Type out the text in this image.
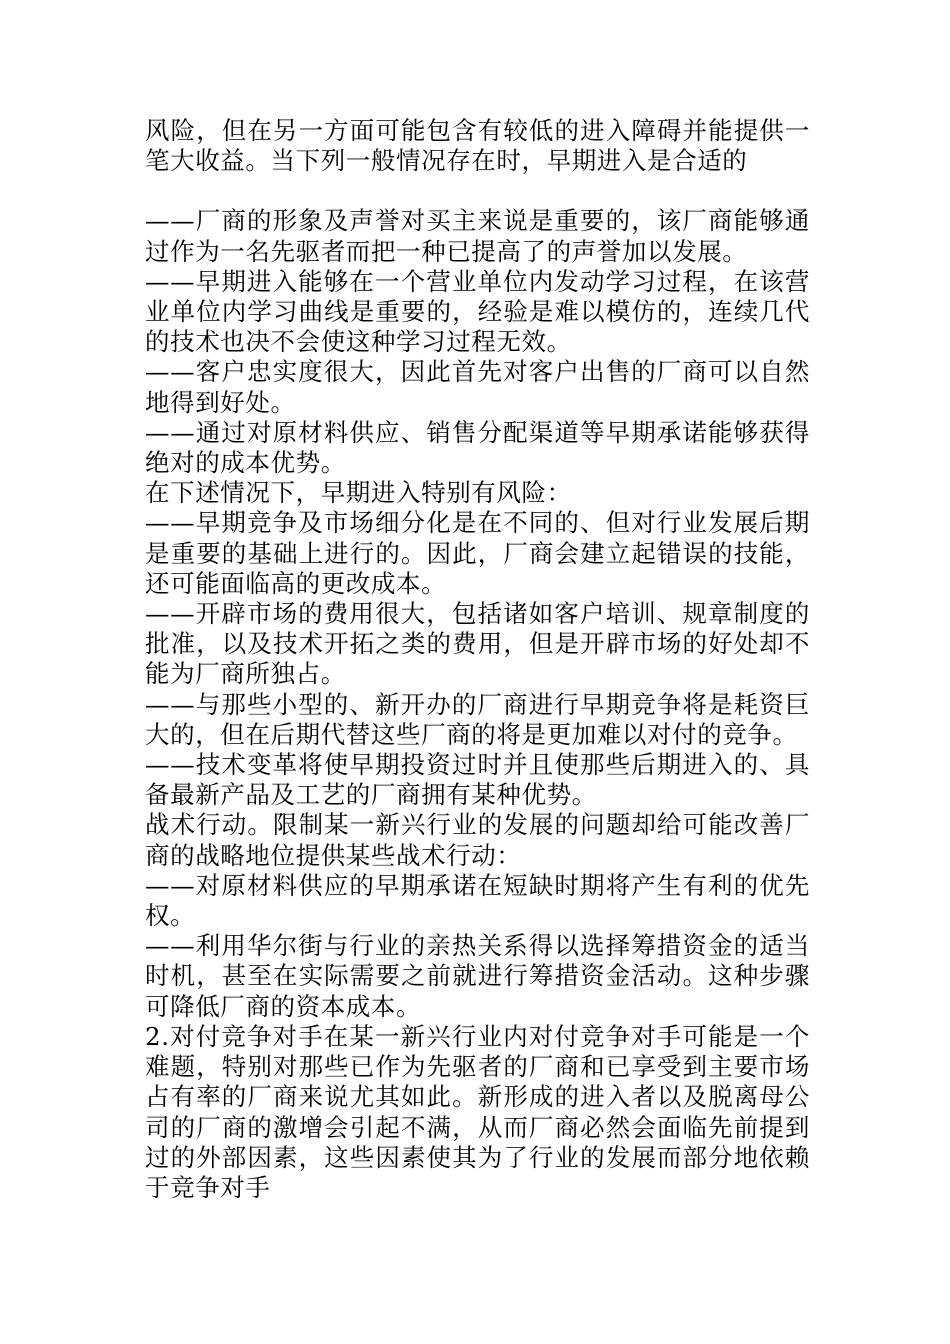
风险，但在另一方面可能包含有较低的进入障碍并能提供一笔大收益。当下列一般情况存在时，早期进入是合适的

——厂商的形象及声誉对买主来说是重要的，该厂商能够通过作为一名先驱者而把一种已提高了的声誉加以发展。

——早期进入能够在一个营业单位内发动学习过程，在该营业单位内学习曲线是重要的，经验是难以模仿的，连续几代的技术也决不会使这种学习过程无效。

——客户忠实度很大，因此首先对客户出售的厂商可以自然地得到好处。

——通过对原材料供应、销售分配渠道等早期承诺能够获得绝对的成本优势。

在下述情况下，早期进入特别有风险：

——早期竞争及市场细分化是在不同的、但对行业发展后期是重要的基础上进行的。因此，厂商会建立起错误的技能，还可能面临高的更改成本。

——开辟市场的费用很大，包括诸如客户培训、规章制度的批准，以及技术开拓之类的费用，但是开辟市场的好处却不能为厂商所独占。

——与那些小型的、新开办的厂商进行早期竞争将是耗资巨大的，但在后期代替这些厂商的将是更加难以对付的竞争。

——技术变革将使早期投资过时并且使那些后期进入的、具备最新产品及工艺的厂商拥有某种优势。

战术行动。限制某一新兴行业的发展的问题却给可能改善厂商的战略地位提供某些战术行动：

——对原材料供应的早期承诺在短缺时期将产生有利的优先权。

——利用华尔街与行业的亲热关系得以选择筹措资金的适当时机，甚至在实际需要之前就进行筹措资金活动。这种步骤可降低厂商的资本成本。

2.对付竞争对手在某一新兴行业内对付竞争对手可能是一个难题，特别对那些已作为先驱者的厂商和已享受到主要市场占有率的厂商来说尤其如此。新形成的进入者以及脱离母公司的厂商的激增会引起不满，从而厂商必然会面临先前提到过的外部因素，这些因素使其为了行业的发展而部分地依赖于竞争对手
